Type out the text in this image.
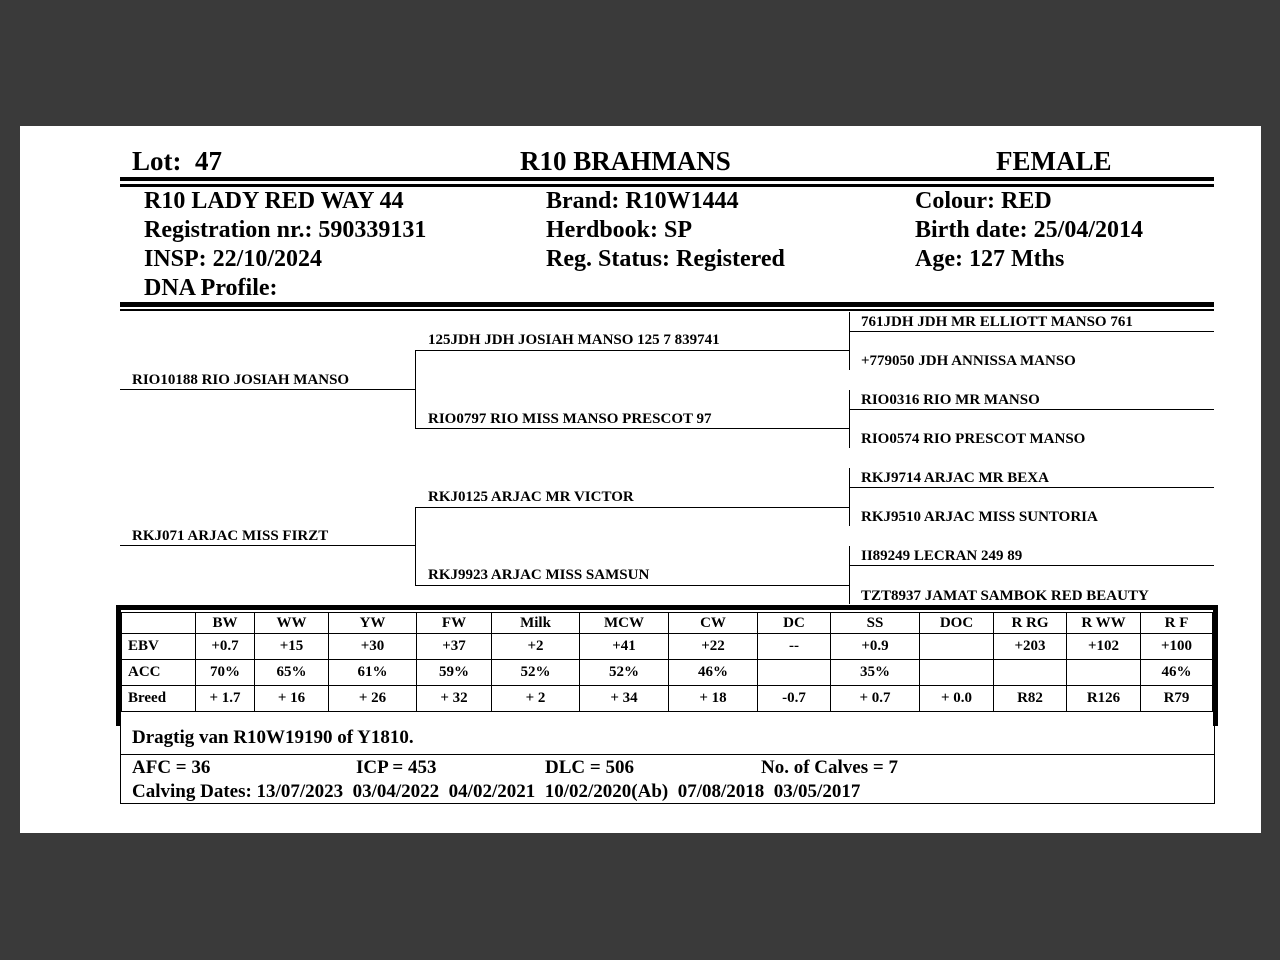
Lot: 47	R10 BRAHMANS	FEMALE
R10 LADY RED WAY 44
Registration nr.: 590339131
INSP: 22/10/2024
DNA Profile:
Brand: R10W1444
Herdbook: SP
Reg. Status: Registered
Colour: RED
Birth date: 25/04/2014
Age: 127 Mths
RIO10188 RIO JOSIAH MANSO
RKJ071 ARJAC MISS FIRZT
125JDH JDH JOSIAH MANSO 125 7 839741
RIO0797 RIO MISS MANSO PRESCOT 97
RKJ0125 ARJAC MR VICTOR
RKJ9923 ARJAC MISS SAMSUN
761JDH JDH MR ELLIOTT MANSO 761
+779050 JDH ANNISSA MANSO
RIO0316 RIO MR MANSO
RIO0574 RIO PRESCOT MANSO
RKJ9714 ARJAC MR BEXA
RKJ9510 ARJAC MISS SUNTORIA
II89249 LECRAN 249 89
TZT8937 JAMAT SAMBOK RED BEAUTY
	BW	WW	YW	FW	Milk	MCW	CW	DC	SS	DOC	R RG	R WW	R F
EBV	+0.7	+15	+30	+37	+2	+41	+22	--	+0.9		+203	+102	+100
ACC	70%	65%	61%	59%	52%	52%	46%		35%				46%
Breed	+ 1.7	+ 16	+ 26	+ 32	+ 2	+ 34	+ 18	-0.7	+ 0.7	+ 0.0	R82	R126	R79
Dragtig van R10W19190 of Y1810.
AFC = 36	ICP = 453	DLC = 506	No. of Calves = 7
Calving Dates: 13/07/2023  03/04/2022  04/02/2021  10/02/2020(Ab)  07/08/2018  03/05/2017
